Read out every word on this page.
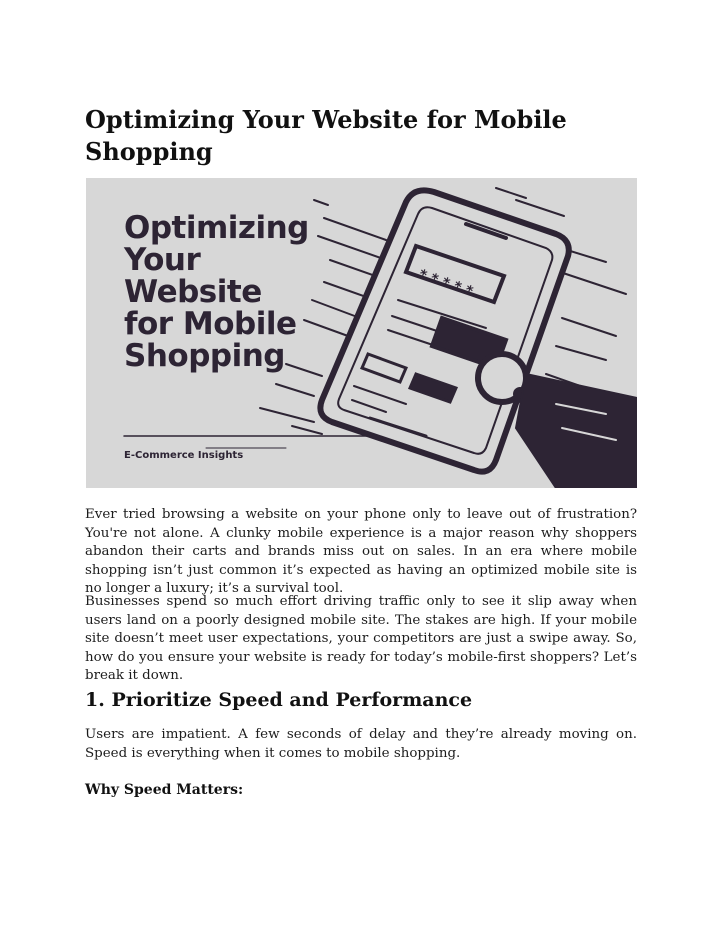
Optimizing Your Website for Mobile Shopping
* * * * *
Optimizing
Your
Website
for Mobile
Shopping
E-Commerce Insights

Ever tried browsing a website on your phone only to leave out of frustration? You're not alone. A clunky mobile experience is a major reason why shoppers abandon their carts and brands miss out on sales. In an era where mobile shopping isn’t just common it’s expected as having an optimized mobile site is no longer a luxury; it’s a survival tool.

Businesses spend so much effort driving traffic only to see it slip away when users land on a poorly designed mobile site. The stakes are high. If your mobile site doesn’t meet user expectations, your competitors are just a swipe away. So, how do you ensure your website is ready for today’s mobile-first shoppers? Let’s break it down.

1. Prioritize Speed and Performance

Users are impatient. A few seconds of delay and they’re already moving on. Speed is everything when it comes to mobile shopping.

Why Speed Matters:
